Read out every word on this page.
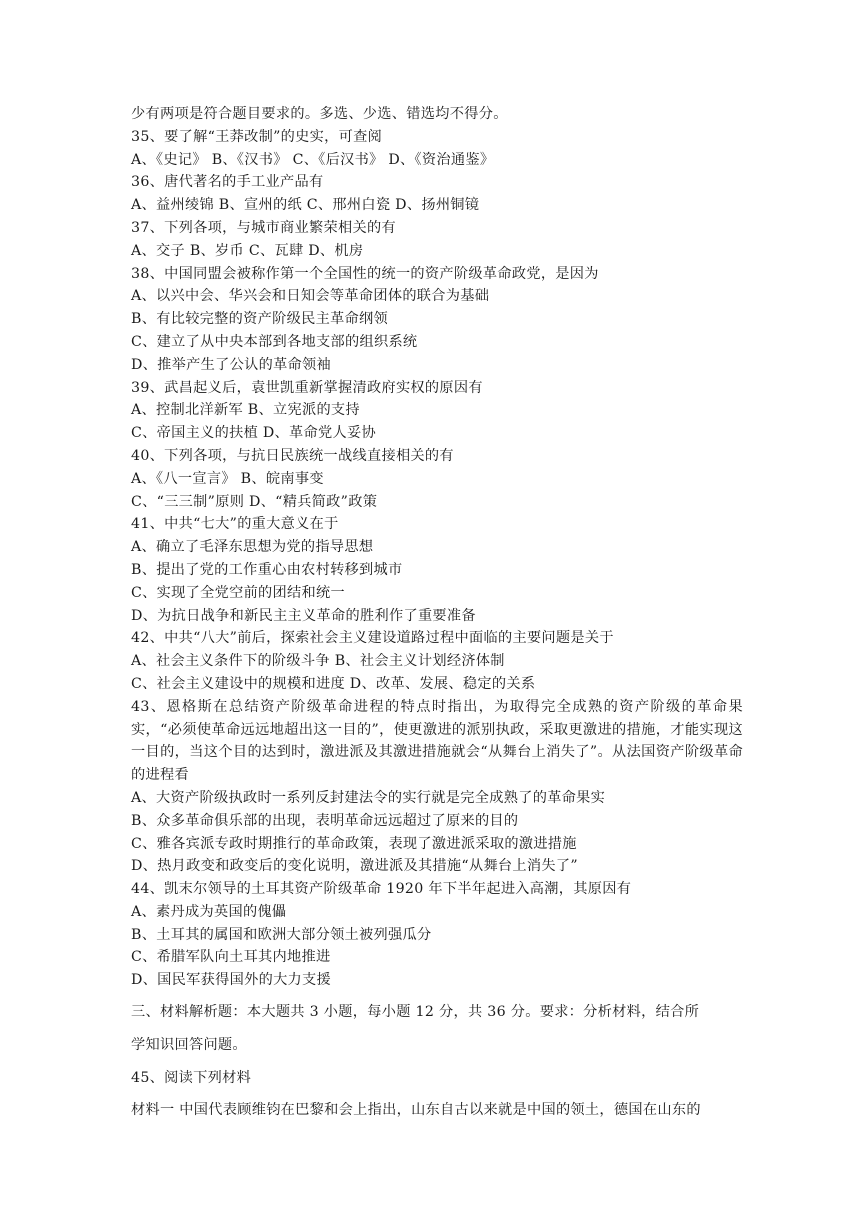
少有两项是符合题目要求的。多选、少选、错选均不得分。
35、要了解“王莽改制”的史实，可查阅
A、《史记》 B、《汉书》 C、《后汉书》 D、《资治通鉴》
36、唐代著名的手工业产品有
A、益州绫锦 B、宣州的纸 C、邢州白瓷 D、扬州铜镜
37、下列各项，与城市商业繁荣相关的有
A、交子 B、岁币 C、瓦肆 D、机房
38、中国同盟会被称作第一个全国性的统一的资产阶级革命政党，是因为
A、以兴中会、华兴会和日知会等革命团体的联合为基础
B、有比较完整的资产阶级民主革命纲领
C、建立了从中央本部到各地支部的组织系统
D、推举产生了公认的革命领袖
39、武昌起义后，袁世凯重新掌握清政府实权的原因有
A、控制北洋新军 B、立宪派的支持
C、帝国主义的扶植 D、革命党人妥协
40、下列各项，与抗日民族统一战线直接相关的有
A、《八一宣言》 B、皖南事变
C、“三三制”原则 D、“精兵简政”政策
41、中共“七大”的重大意义在于
A、确立了毛泽东思想为党的指导思想
B、提出了党的工作重心由农村转移到城市
C、实现了全党空前的团结和统一
D、为抗日战争和新民主主义革命的胜利作了重要准备
42、中共“八大”前后，探索社会主义建设道路过程中面临的主要问题是关于
A、社会主义条件下的阶级斗争 B、社会主义计划经济体制
C、社会主义建设中的规模和进度 D、改革、发展、稳定的关系
43、恩格斯在总结资产阶级革命进程的特点时指出，为取得完全成熟的资产阶级的革命果实，“必须使革命远远地超出这一目的”，使更激进的派别执政，采取更激进的措施，才能实现这一目的，当这个目的达到时，激进派及其激进措施就会“从舞台上消失了”。从法国资产阶级革命的进程看
A、大资产阶级执政时一系列反封建法令的实行就是完全成熟了的革命果实
B、众多革命俱乐部的出现，表明革命远远超过了原来的目的
C、雅各宾派专政时期推行的革命政策，表现了激进派采取的激进措施
D、热月政变和政变后的变化说明，激进派及其措施“从舞台上消失了”
44、凯末尔领导的土耳其资产阶级革命 1920 年下半年起进入高潮，其原因有
A、素丹成为英国的傀儡
B、土耳其的属国和欧洲大部分领土被列强瓜分
C、希腊军队向土耳其内地推进
D、国民军获得国外的大力支援
三、材料解析题：本大题共 3 小题，每小题 12 分，共 36 分。要求：分析材料，结合所
学知识回答问题。
45、阅读下列材料
材料一 中国代表顾维钧在巴黎和会上指出，山东自古以来就是中国的领土，德国在山东的
